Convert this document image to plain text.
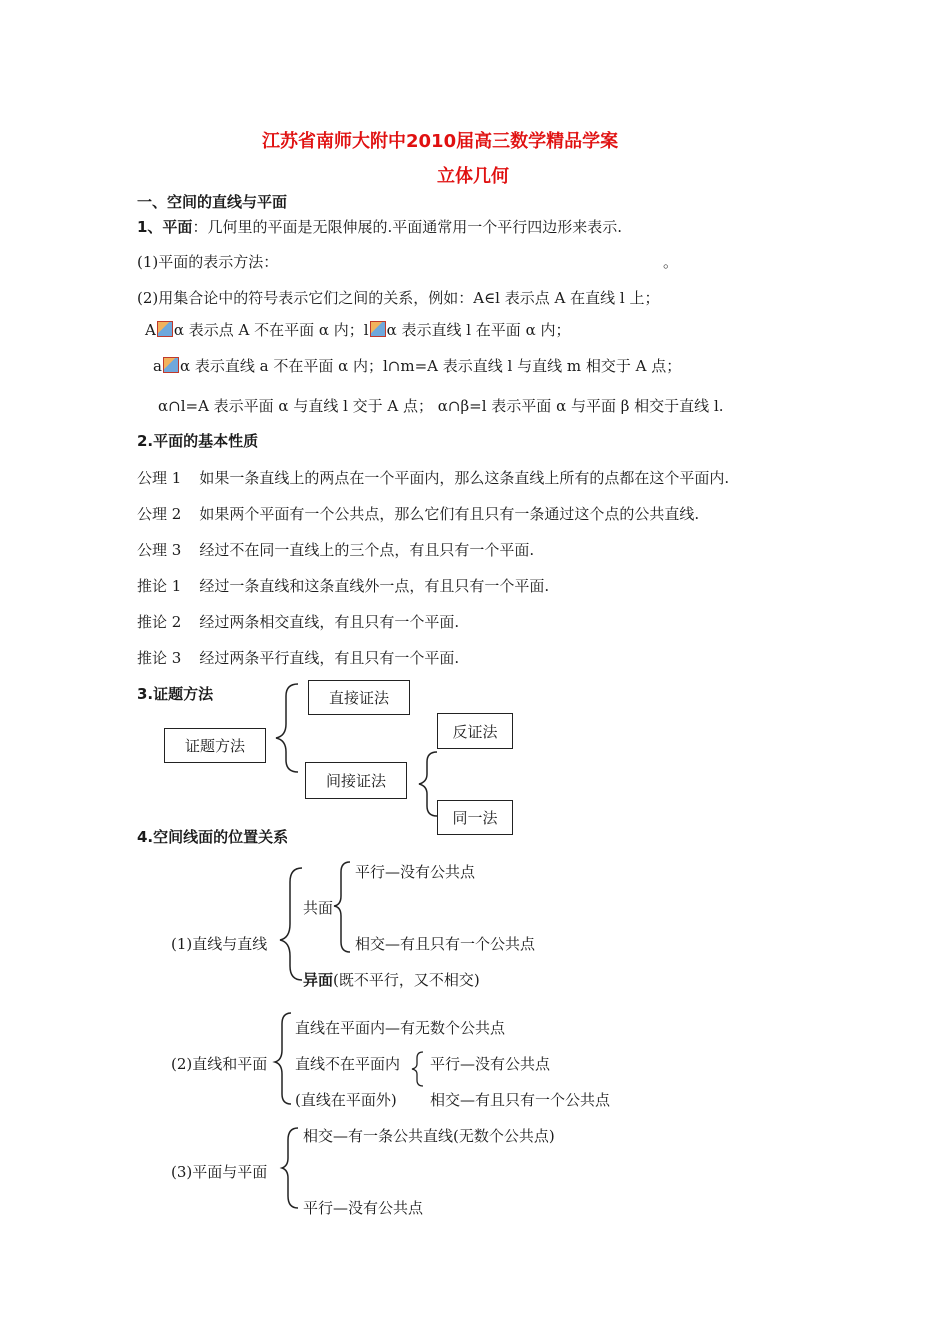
江苏省南师大附中2010届高三数学精品学案
立体几何
一、空间的直线与平面
1、平面：几何里的平面是无限伸展的.平面通常用一个平行四边形来表示.
(1)平面的表示方法：	。
(2)用集合论中的符号表示它们之间的关系，例如：A∈l 表示点 A 在直线 l 上；
A α 表示点 A 不在平面 α 内；l α 表示直线 l 在平面 α 内；
a α 表示直线 a 不在平面 α 内；l∩m=A 表示直线 l 与直线 m 相交于 A 点；
α∩l=A 表示平面 α 与直线 l 交于 A 点； α∩β=l 表示平面 α 与平面 β 相交于直线 l.
2.平面的基本性质
公理 1 如果一条直线上的两点在一个平面内，那么这条直线上所有的点都在这个平面内.
公理 2 如果两个平面有一个公共点，那么它们有且只有一条通过这个点的公共直线.
公理 3 经过不在同一直线上的三个点，有且只有一个平面.
推论 1 经过一条直线和这条直线外一点，有且只有一个平面.
推论 2 经过两条相交直线，有且只有一个平面.
推论 3 经过两条平行直线，有且只有一个平面.
3.证题方法
证题方法
直接证法
间接证法
反证法
同一法
4.空间线面的位置关系
平行—没有公共点
共面
(1)直线与直线	相交—有且只有一个公共点
异面(既不平行，又不相交)
直线在平面内—有无数个公共点
(2)直线和平面 直线不在平面内 平行—没有公共点
(直线在平面外) 相交—有且只有一个公共点
相交—有一条公共直线(无数个公共点)
(3)平面与平面
平行—没有公共点
